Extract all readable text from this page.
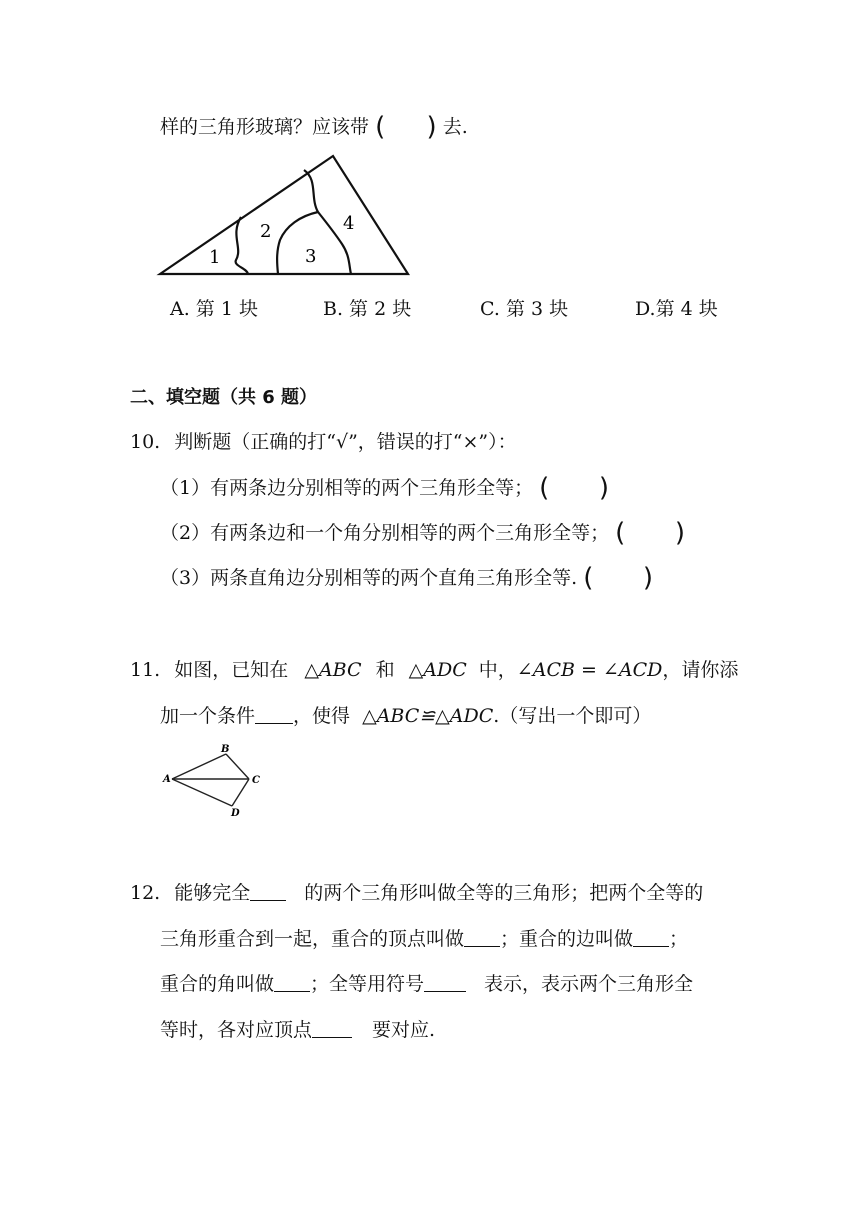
样的三角形玻璃？应该带 (     ) 去.
1
2
3
4
A. 第 1 块	B. 第 2 块	C. 第 3 块	D.第 4 块
二、填空题（共 6 题）
10. 判断题（正确的打“√”，错误的打“×”）：
（1）有两条边分别相等的两个三角形全等； (      )
（2）有两条边和一个角分别相等的两个三角形全等； (      )
（3）两条直角边分别相等的两个直角三角形全等. (      )
11. 如图，已知在 △ABC 和 △ADC 中，∠ACB = ∠ACD，请你添
加一个条件 ，使得 △ABC≌△ADC.（写出一个即可）
B
A	C
D
12. 能够完全	的两个三角形叫做全等的三角形；把两个全等的
三角形重合到一起，重合的顶点叫做 ；重合的边叫做 ；
重合的角叫做 ；全等用符号	表示，表示两个三角形全
等时，各对应顶点	要对应.
